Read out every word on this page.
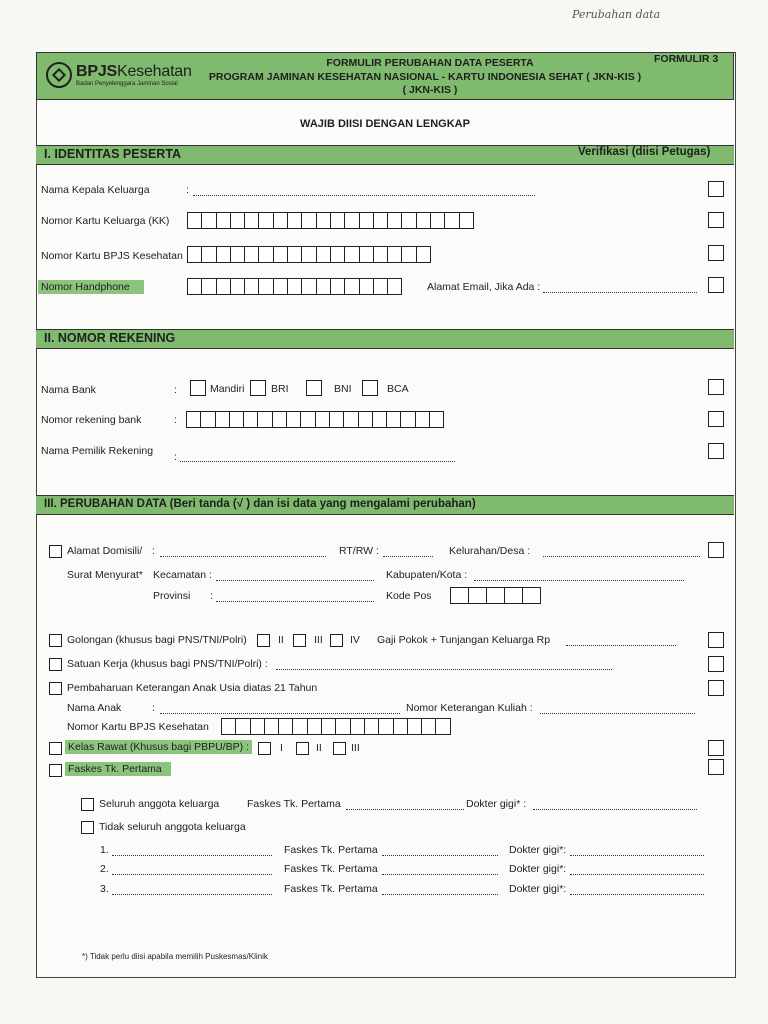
Perubahan data
BPJSKesehatan
Badan Penyelenggara Jaminan Sosial
FORMULIR PERUBAHAN DATA PESERTA
PROGRAM JAMINAN KESEHATAN NASIONAL - KARTU INDONESIA SEHAT ( JKN-KIS )
( JKN-KIS )
FORMULIR 3
WAJIB DIISI DENGAN LENGKAP
I. IDENTITAS PESERTA	Verifikasi (diisi Petugas)
Nama Kepala Keluarga	:
Nomor Kartu Keluarga (KK)
Nomor Kartu BPJS Kesehatan
Nomor Handphone	Alamat Email, Jika Ada :
II. NOMOR REKENING
Nama Bank	:	Mandiri	BRI	BNI	BCA
Nomor rekening bank	:
Nama Pemilik Rekening :
III. PERUBAHAN DATA (Beri tanda (√ ) dan isi data yang mengalami perubahan)
Alamat Domisili/ :	RT/RW :	Kelurahan/Desa :
Surat Menyurat* Kecamatan :	Kabupaten/Kota :
Provinsi :	Kode Pos
Golongan (khusus bagi PNS/TNI/Polri)	II	III	IV Gaji Pokok + Tunjangan Keluarga Rp
Satuan Kerja (khusus bagi PNS/TNI/Polri) :
Pembaharuan Keterangan Anak Usia diatas 21 Tahun
Nama Anak	:	Nomor Keterangan Kuliah :
Nomor Kartu BPJS Kesehatan
Kelas Rawat (Khusus bagi PBPU/BP) :	I	II	III
Faskes Tk. Pertama
Seluruh anggota keluarga	Faskes Tk. Pertama	Dokter gigi* :
Tidak seluruh anggota keluarga
1.	Faskes Tk. Pertama	Dokter gigi*:
2.	Faskes Tk. Pertama	Dokter gigi*:
3.	Faskes Tk. Pertama	Dokter gigi*:
*) Tidak perlu diisi apabila memilih Puskesmas/Klinik
